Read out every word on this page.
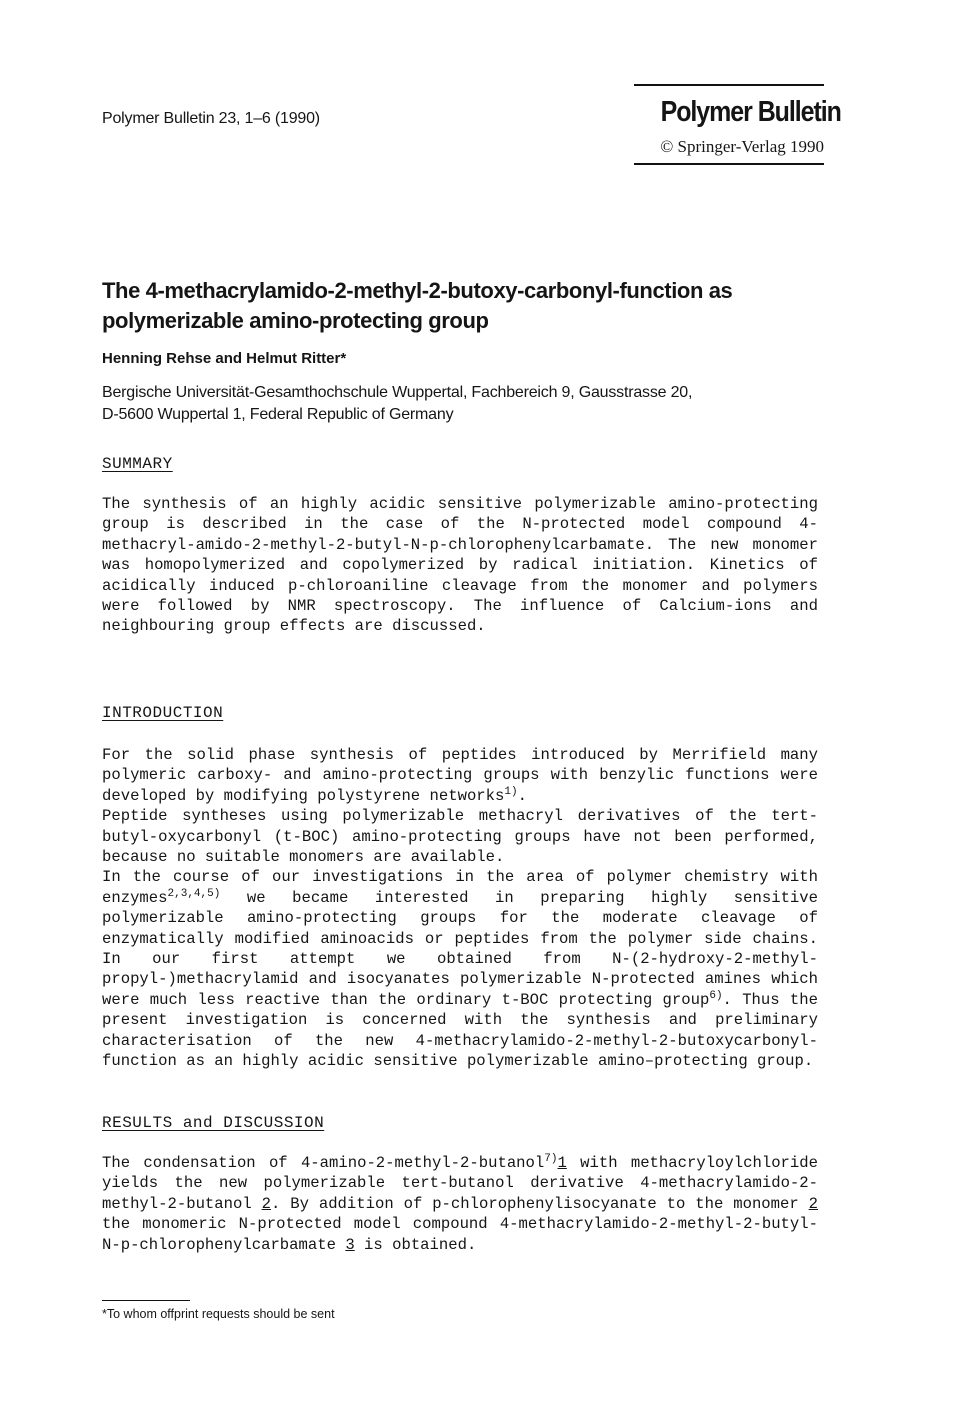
Polymer Bulletin 23, 1–6 (1990)	Polymer Bulletin
© Springer-Verlag 1990
The 4-methacrylamido-2-methyl-2-butoxy-carbonyl-function as polymerizable amino-protecting group
Henning Rehse and Helmut Ritter*
Bergische Universität-Gesamthochschule Wuppertal, Fachbereich 9, Gausstrasse 20,
D-5600 Wuppertal 1, Federal Republic of Germany
SUMMARY

The synthesis of an highly acidic sensitive polymerizable amino-protecting group is described in the case of the N-protected model compound 4-methacryl-amido-2-methyl-2-butyl-N-p-chlorophenylcarbamate. The new monomer was homopolymerized and copolymerized by radical initiation. Kinetics of acidically induced p-chloroaniline cleavage from the monomer and polymers were followed by NMR spectroscopy. The influence of Calcium-ions and neighbouring group effects are discussed.

INTRODUCTION

For the solid phase synthesis of peptides introduced by Merrifield many polymeric carboxy- and amino-protecting groups with benzylic functions were developed by modifying polystyrene networks$^{1)}$.

Peptide syntheses using polymerizable methacryl derivatives of the tert-butyl-oxycarbonyl (t-BOC) amino-protecting groups have not been performed, because no suitable monomers are available.

In the course of our investigations in the area of polymer chemistry with enzymes$^{2,3,4,5)}$ we became interested in preparing highly sensitive polymerizable amino-protecting groups for the moderate cleavage of enzymatically modified aminoacids or peptides from the polymer side chains. In our first attempt we obtained from N-(2-hydroxy-2-methyl-propyl-)methacrylamid and isocyanates polymerizable N-protected amines which were much less reactive than the ordinary t-BOC protecting group$^{6)}$. Thus the present investigation is concerned with the synthesis and preliminary characterisation of the new 4-methacrylamido-2-methyl-2-butoxycarbonyl-function as an highly acidic sensitive polymerizable amino–protecting group.

RESULTS and DISCUSSION

The condensation of 4-amino-2-methyl-2-butanol$^{7)}$1 with methacryloylchloride yields the new polymerizable tert-butanol derivative 4-methacrylamido-2-methyl-2-butanol 2. By addition of p-chlorophenylisocyanate to the monomer 2 the monomeric N-protected model compound 4-methacrylamido-2-methyl-2-butyl-N-p-chlorophenylcarbamate 3 is obtained.

*To whom offprint requests should be sent
